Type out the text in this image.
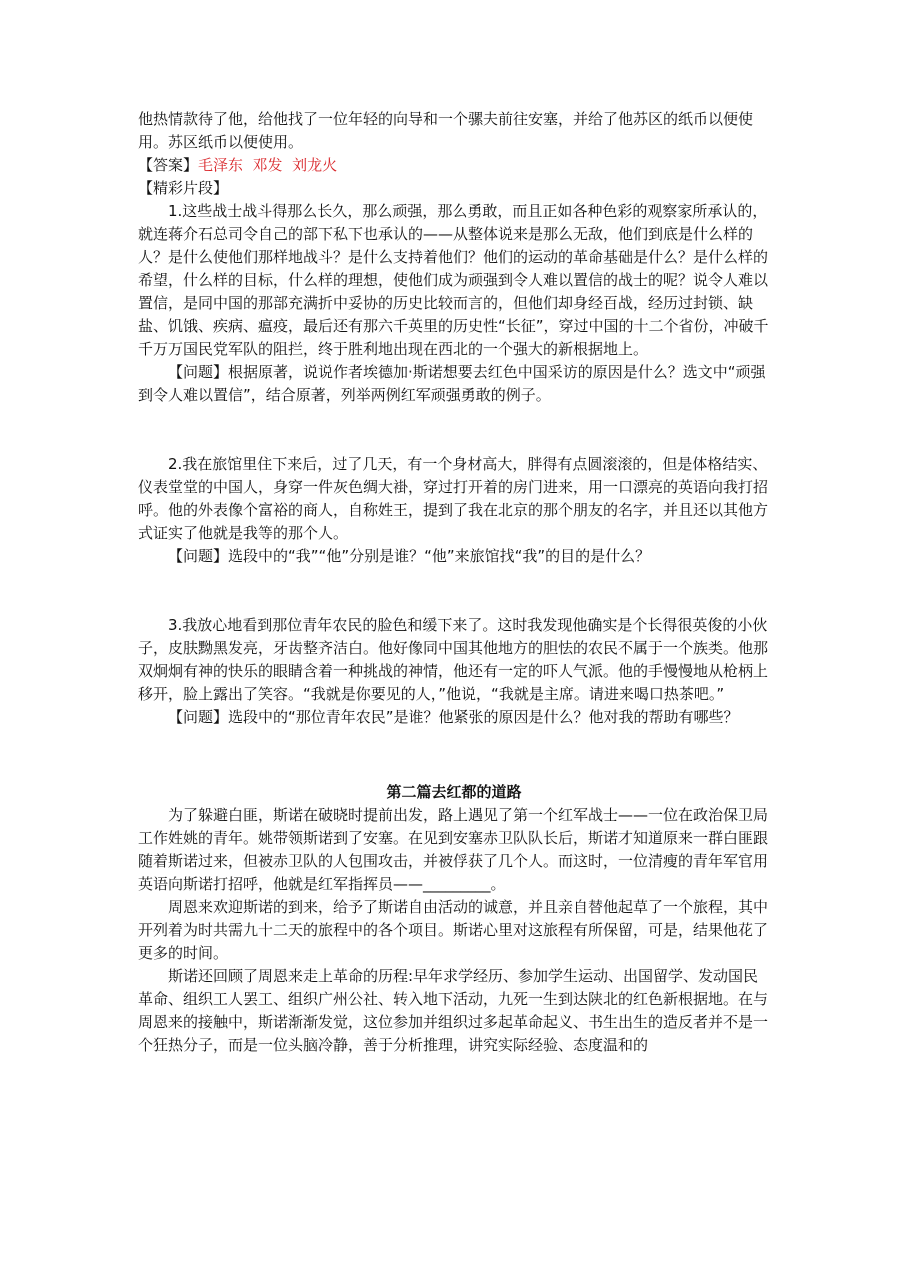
他热情款待了他，给他找了一位年轻的向导和一个骡夫前往安塞，并给了他苏区的纸币以便使用。苏区纸币以便使用。

【答案】毛泽东  邓发  刘龙火

【精彩片段】

1.这些战士战斗得那么长久，那么顽强，那么勇敢，而且正如各种色彩的观察家所承认的，就连蒋介石总司令自己的部下私下也承认的——从整体说来是那么无敌，他们到底是什么样的人？是什么使他们那样地战斗？是什么支持着他们？他们的运动的革命基础是什么？是什么样的希望，什么样的目标，什么样的理想，使他们成为顽强到令人难以置信的战士的呢？说令人难以置信，是同中国的那部充满折中妥协的历史比较而言的，但他们却身经百战，经历过封锁、缺盐、饥饿、疾病、瘟疫，最后还有那六千英里的历史性“长征”，穿过中国的十二个省份，冲破千千万万国民党军队的阻拦，终于胜利地出现在西北的一个强大的新根据地上。

【问题】根据原著，说说作者埃德加·斯诺想要去红色中国采访的原因是什么？选文中“顽强到令人难以置信”，结合原著，列举两例红军顽强勇敢的例子。

2.我在旅馆里住下来后，过了几天，有一个身材高大，胖得有点圆滚滚的，但是体格结实、仪表堂堂的中国人，身穿一件灰色绸大褂，穿过打开着的房门进来，用一口漂亮的英语向我打招呼。他的外表像个富裕的商人，自称姓王，提到了我在北京的那个朋友的名字，并且还以其他方式证实了他就是我等的那个人。

【问题】选段中的“我”“他”分别是谁？“他”来旅馆找“我”的目的是什么？

3.我放心地看到那位青年农民的脸色和缓下来了。这时我发现他确实是个长得很英俊的小伙子，皮肤黝黑发亮，牙齿整齐洁白。他好像同中国其他地方的胆怯的农民不属于一个族类。他那双炯炯有神的快乐的眼睛含着一种挑战的神情，他还有一定的吓人气派。他的手慢慢地从枪柄上移开，脸上露出了笑容。“我就是你要见的人，”他说，“我就是主席。请进来喝口热茶吧。”

【问题】选段中的“那位青年农民”是谁？他紧张的原因是什么？他对我的帮助有哪些？

第二篇去红都的道路

为了躲避白匪，斯诺在破晓时提前出发，路上遇见了第一个红军战士——一位在政治保卫局工作姓姚的青年。姚带领斯诺到了安塞。在见到安塞赤卫队队长后，斯诺才知道原来一群白匪跟随着斯诺过来，但被赤卫队的人包围攻击，并被俘获了几个人。而这时，一位清瘦的青年军官用英语向斯诺打招呼，他就是红军指挥员——_________。

周恩来欢迎斯诺的到来，给予了斯诺自由活动的诚意，并且亲自替他起草了一个旅程，其中开列着为时共需九十二天的旅程中的各个项目。斯诺心里对这旅程有所保留，可是，结果他花了更多的时间。

斯诺还回顾了周恩来走上革命的历程:早年求学经历、参加学生运动、出国留学、发动国民革命、组织工人罢工、组织广州公社、转入地下活动，九死一生到达陕北的红色新根据地。在与周恩来的接触中，斯诺渐渐发觉，这位参加并组织过多起革命起义、书生出生的造反者并不是一个狂热分子，而是一位头脑冷静，善于分析推理，讲究实际经验、态度温和的
